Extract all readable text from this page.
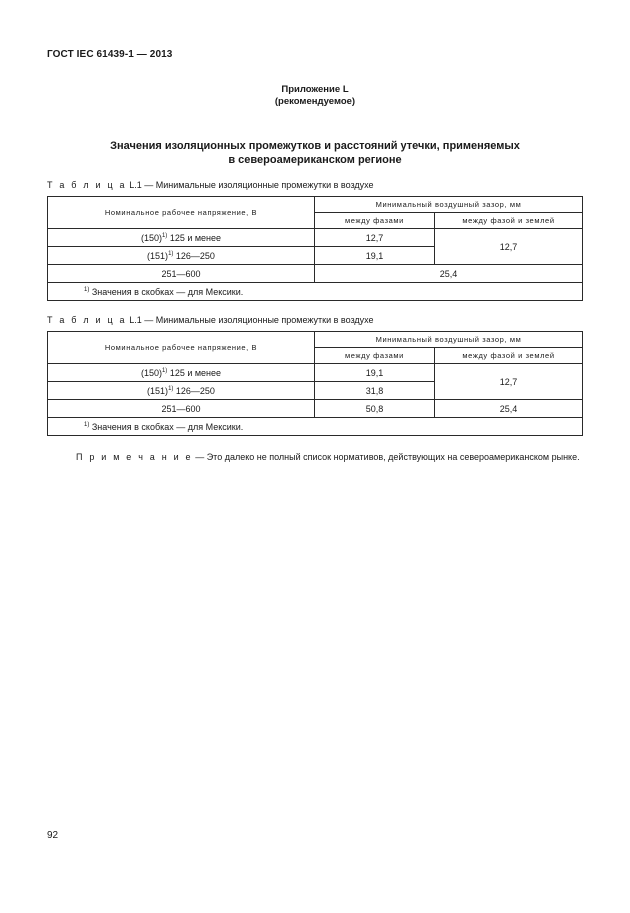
ГОСТ IEC 61439-1 — 2013
Приложение L
(рекомендуемое)
Значения изоляционных промежутков и расстояний утечки, применяемых
в североамериканском регионе
Т а б л и ц а L.1 — Минимальные изоляционные промежутки в воздухе
Номинальное рабочее напряжение, В	Минимальный воздушный зазор, мм	
	между фазами	между фазой и землей
$(150)^{1)}$ 125 и менее	12,7	12,7
$(151)^{1)}$ 126—250	19,1	
251—600	25,4	
$^{1)}$ Значения в скобках — для Мексики.		
Т а б л и ц а L.1 — Минимальные изоляционные промежутки в воздухе
Номинальное рабочее напряжение, В	Минимальный воздушный зазор, мм	
	между фазами	между фазой и землей
$(150)^{1)}$ 125 и менее	19,1	12,7
$(151)^{1)}$ 126—250	31,8	
251—600	50,8	25,4
$^{1)}$ Значения в скобках — для Мексики.		
П р и м е ч а н и е — Это далеко не полный список нормативов, действующих на североамериканском рынке.
92
